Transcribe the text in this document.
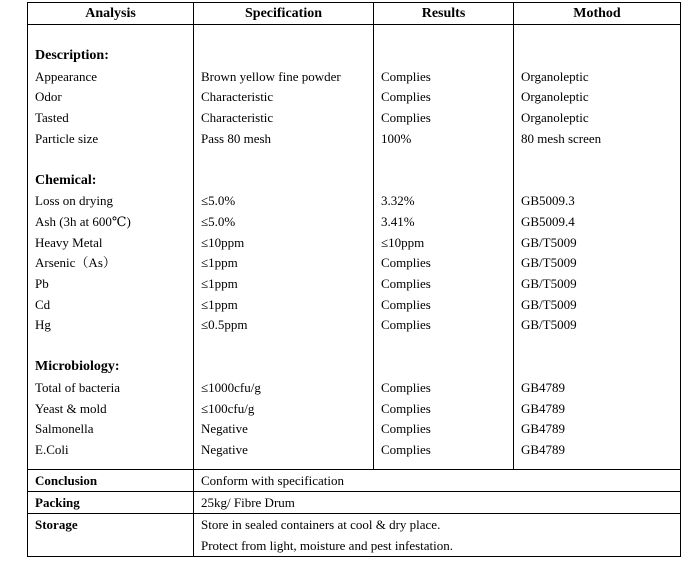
Analysis	Specification	Results	Mothod

Description:			
Appearance	Brown yellow fine powder	Complies	Organoleptic
Odor	Characteristic	Complies	Organoleptic
Tasted	Characteristic	Complies	Organoleptic
Particle size	Pass 80 mesh	100%	80 mesh screen

Chemical:			
Loss on drying	≤5.0%	3.32%	GB5009.3
Ash (3h at 600℃)	≤5.0%	3.41%	GB5009.4
Heavy Metal	≤10ppm	≤10ppm	GB/T5009
Arsenic（As）	≤1ppm	Complies	GB/T5009
Pb	≤1ppm	Complies	GB/T5009
Cd	≤1ppm	Complies	GB/T5009
Hg	≤0.5ppm	Complies	GB/T5009

Microbiology:			
Total of bacteria	≤1000cfu/g	Complies	GB4789
Yeast & mold	≤100cfu/g	Complies	GB4789
Salmonella	Negative	Complies	GB4789
E.Coli	Negative	Complies	GB4789

Conclusion	Conform with specification		
Packing	25kg/ Fibre Drum		
Storage	Store in sealed containers at cool & dry place.
Protect from light, moisture and pest infestation.		
